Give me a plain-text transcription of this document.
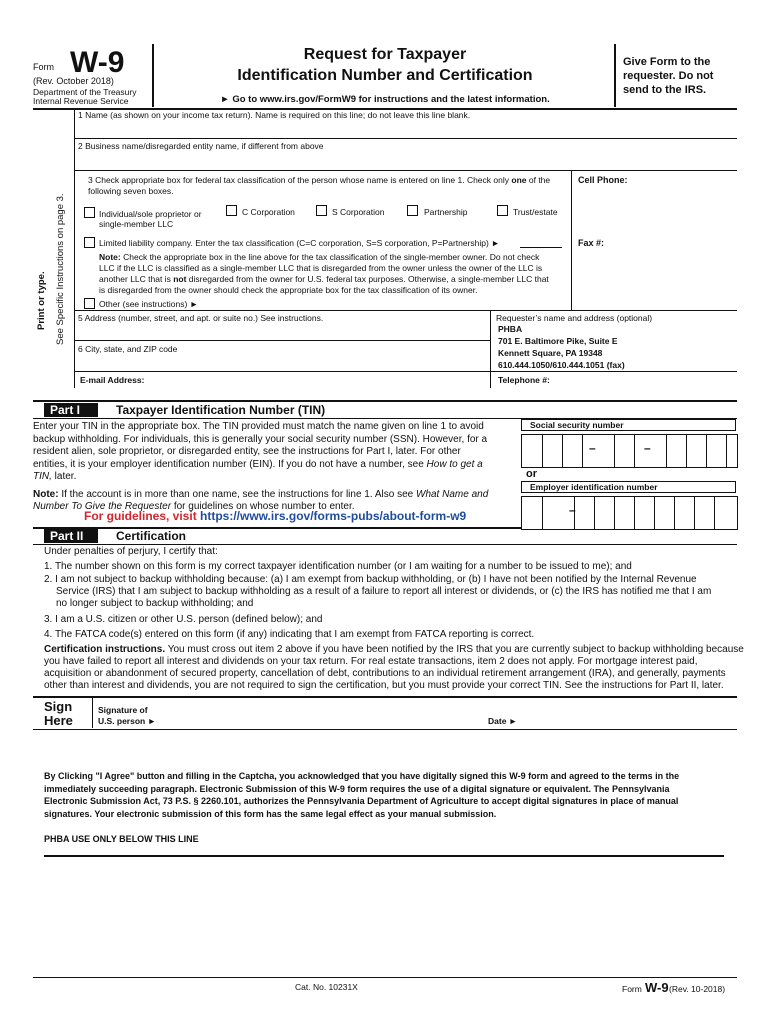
Form W-9
(Rev. October 2018)
Department of the Treasury
Internal Revenue Service
Request for Taxpayer
Identification Number and Certification
► Go to www.irs.gov/FormW9 for instructions and the latest information.
Give Form to the requester. Do not send to the IRS.
Print or type. See Specific Instructions on page 3.
1 Name (as shown on your income tax return). Name is required on this line; do not leave this line blank.
2 Business name/disregarded entity name, if different from above
3 Check appropriate box for federal tax classification of the person whose name is entered on line 1. Check only one of the
following seven boxes.
Cell Phone:
Individual/sole proprietor or
single-member LLC
C Corporation	S Corporation	Partnership	Trust/estate
Limited liability company. Enter the tax classification (C=C corporation, S=S corporation, P=Partnership) ►	Fax #:
Note: Check the appropriate box in the line above for the tax classification of the single-member owner. Do not check
LLC if the LLC is classified as a single-member LLC that is disregarded from the owner unless the owner of the LLC is
another LLC that is not disregarded from the owner for U.S. federal tax purposes. Otherwise, a single-member LLC that
is disregarded from the owner should check the appropriate box for the tax classification of its owner.
Other (see instructions) ►
5 Address (number, street, and apt. or suite no.) See instructions.
6 City, state, and ZIP code
Requester’s name and address (optional)
PHBA
701 E. Baltimore Pike, Suite E
Kennett Square, PA 19348
610.444.1050/610.444.1051 (fax)
E-mail Address:	Telephone #:
Part I	Taxpayer Identification Number (TIN)
Enter your TIN in the appropriate box. The TIN provided must match the name given on line 1 to avoid
backup withholding. For individuals, this is generally your social security number (SSN). However, for a
resident alien, sole proprietor, or disregarded entity, see the instructions for Part I, later. For other
entities, it is your employer identification number (EIN). If you do not have a number, see How to get a
TIN, later.
Note: If the account is in more than one name, see the instructions for line 1. Also see What Name and
Number To Give the Requester for guidelines on whose number to enter.
Social security number
–	–
or
Employer identification number
–
For guidelines, visit https://www.irs.gov/forms-pubs/about-form-w9
Part II	Certification
Under penalties of perjury, I certify that:
1. The number shown on this form is my correct taxpayer identification number (or I am waiting for a number to be issued to me); and
2. I am not subject to backup withholding because: (a) I am exempt from backup withholding, or (b) I have not been notified by the Internal Revenue
Service (IRS) that I am subject to backup withholding as a result of a failure to report all interest or dividends, or (c) the IRS has notified me that I am
no longer subject to backup withholding; and
3. I am a U.S. citizen or other U.S. person (defined below); and
4. The FATCA code(s) entered on this form (if any) indicating that I am exempt from FATCA reporting is correct.
Certification instructions. You must cross out item 2 above if you have been notified by the IRS that you are currently subject to backup withholding because
you have failed to report all interest and dividends on your tax return. For real estate transactions, item 2 does not apply. For mortgage interest paid,
acquisition or abandonment of secured property, cancellation of debt, contributions to an individual retirement arrangement (IRA), and generally, payments
other than interest and dividends, you are not required to sign the certification, but you must provide your correct TIN. See the instructions for Part II, later.
Sign
Here
Signature of
U.S. person ►	Date ►
By Clicking "I Agree" button and filling in the Captcha, you acknowledged that you have digitally signed this W-9 form and agreed to the terms in the
immediately succeeding paragraph. Electronic Submission of this W-9 form requires the use of a digital signature or equivalent. The Pennsylvania
Electronic Submission Act, 73 P.S. § 2260.101, authorizes the Pennsylvania Department of Agriculture to accept digital signatures in place of manual
signatures. Your electronic submission of this form has the same legal effect as your manual submission.
PHBA USE ONLY BELOW THIS LINE
Cat. No. 10231X	Form W-9 (Rev. 10-2018)
